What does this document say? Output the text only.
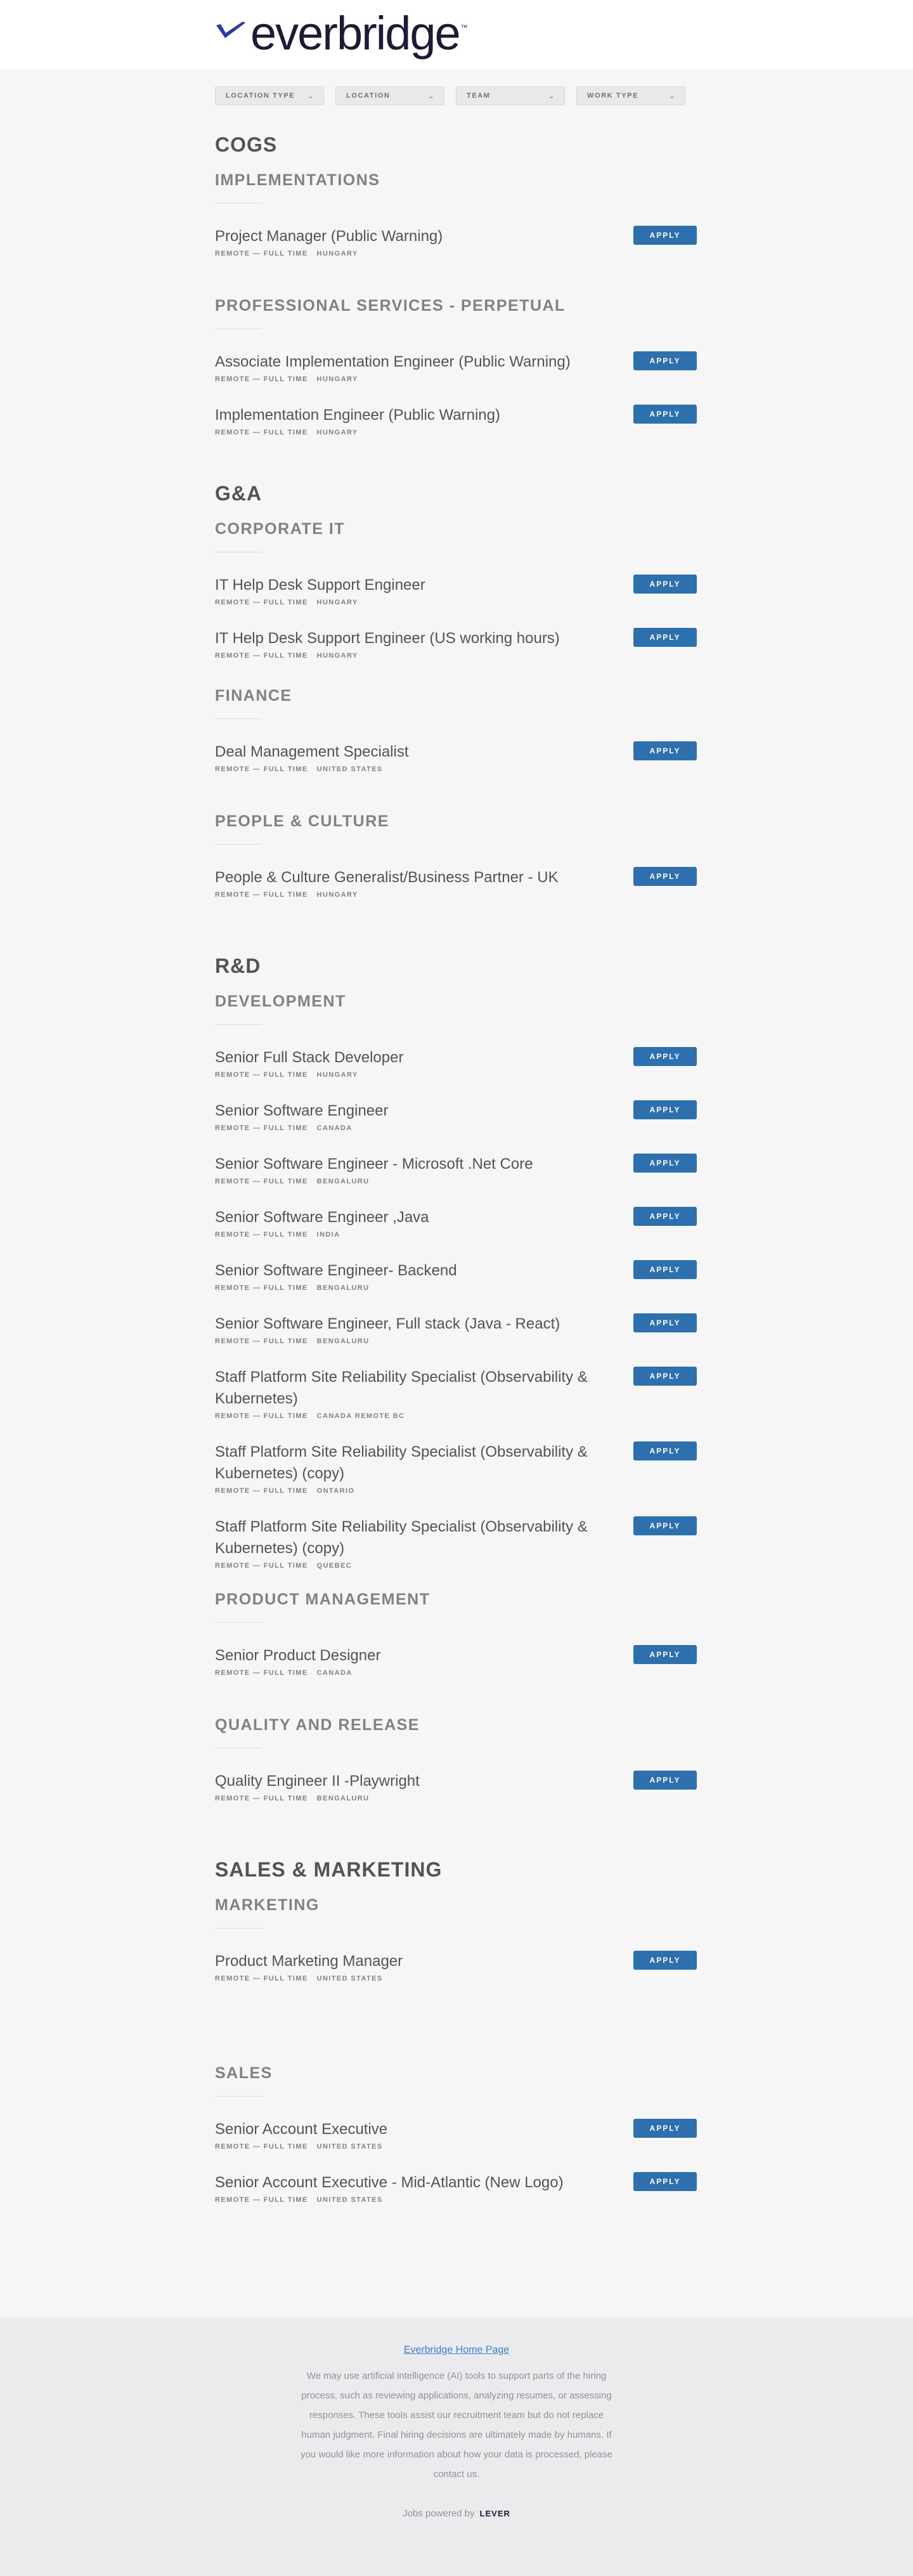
everbridge ™
LOCATION TYPE ⌄	LOCATION	⌄	TEAM	⌄	WORK TYPE	⌄
COGS
IMPLEMENTATIONS
Project Manager (Public Warning)
REMOTE — FULL TIME HUNGARY
APPLY
PROFESSIONAL SERVICES - PERPETUAL
Associate Implementation Engineer (Public Warning)
REMOTE — FULL TIME HUNGARY
APPLY
Implementation Engineer (Public Warning)
REMOTE — FULL TIME HUNGARY
APPLY
G&A
CORPORATE IT
IT Help Desk Support Engineer
REMOTE — FULL TIME HUNGARY
APPLY
IT Help Desk Support Engineer (US working hours)
REMOTE — FULL TIME HUNGARY
APPLY
FINANCE
Deal Management Specialist
REMOTE — FULL TIME UNITED STATES
APPLY
PEOPLE & CULTURE
People & Culture Generalist/Business Partner - UK
REMOTE — FULL TIME HUNGARY
APPLY
R&D
DEVELOPMENT
Senior Full Stack Developer
REMOTE — FULL TIME HUNGARY
APPLY
Senior Software Engineer
REMOTE — FULL TIME CANADA
APPLY
Senior Software Engineer - Microsoft .Net Core
REMOTE — FULL TIME BENGALURU
APPLY
Senior Software Engineer ,Java
REMOTE — FULL TIME INDIA
APPLY
Senior Software Engineer- Backend
REMOTE — FULL TIME BENGALURU
APPLY
Senior Software Engineer, Full stack (Java - React)
REMOTE — FULL TIME BENGALURU
APPLY
Staff Platform Site Reliability Specialist (Observability & Kubernetes)
REMOTE — FULL TIME CANADA REMOTE BC
APPLY
Staff Platform Site Reliability Specialist (Observability & Kubernetes) (copy)
REMOTE — FULL TIME ONTARIO
APPLY
Staff Platform Site Reliability Specialist (Observability & Kubernetes) (copy)
REMOTE — FULL TIME QUEBEC
APPLY
PRODUCT MANAGEMENT
Senior Product Designer
REMOTE — FULL TIME CANADA
APPLY
QUALITY AND RELEASE
Quality Engineer II -Playwright
REMOTE — FULL TIME BENGALURU
APPLY
SALES & MARKETING
MARKETING
Product Marketing Manager
REMOTE — FULL TIME UNITED STATES
APPLY
SALES
Senior Account Executive
REMOTE — FULL TIME UNITED STATES
APPLY
Senior Account Executive - Mid-Atlantic (New Logo)
REMOTE — FULL TIME UNITED STATES
APPLY
Everbridge Home Page
We may use artificial intelligence (AI) tools to support parts of the hiring process, such as reviewing applications, analyzing resumes, or assessing responses. These tools assist our recruitment team but do not replace human judgment. Final hiring decisions are ultimately made by humans. If you would like more information about how your data is processed, please contact us.
Jobs powered by LEVER
